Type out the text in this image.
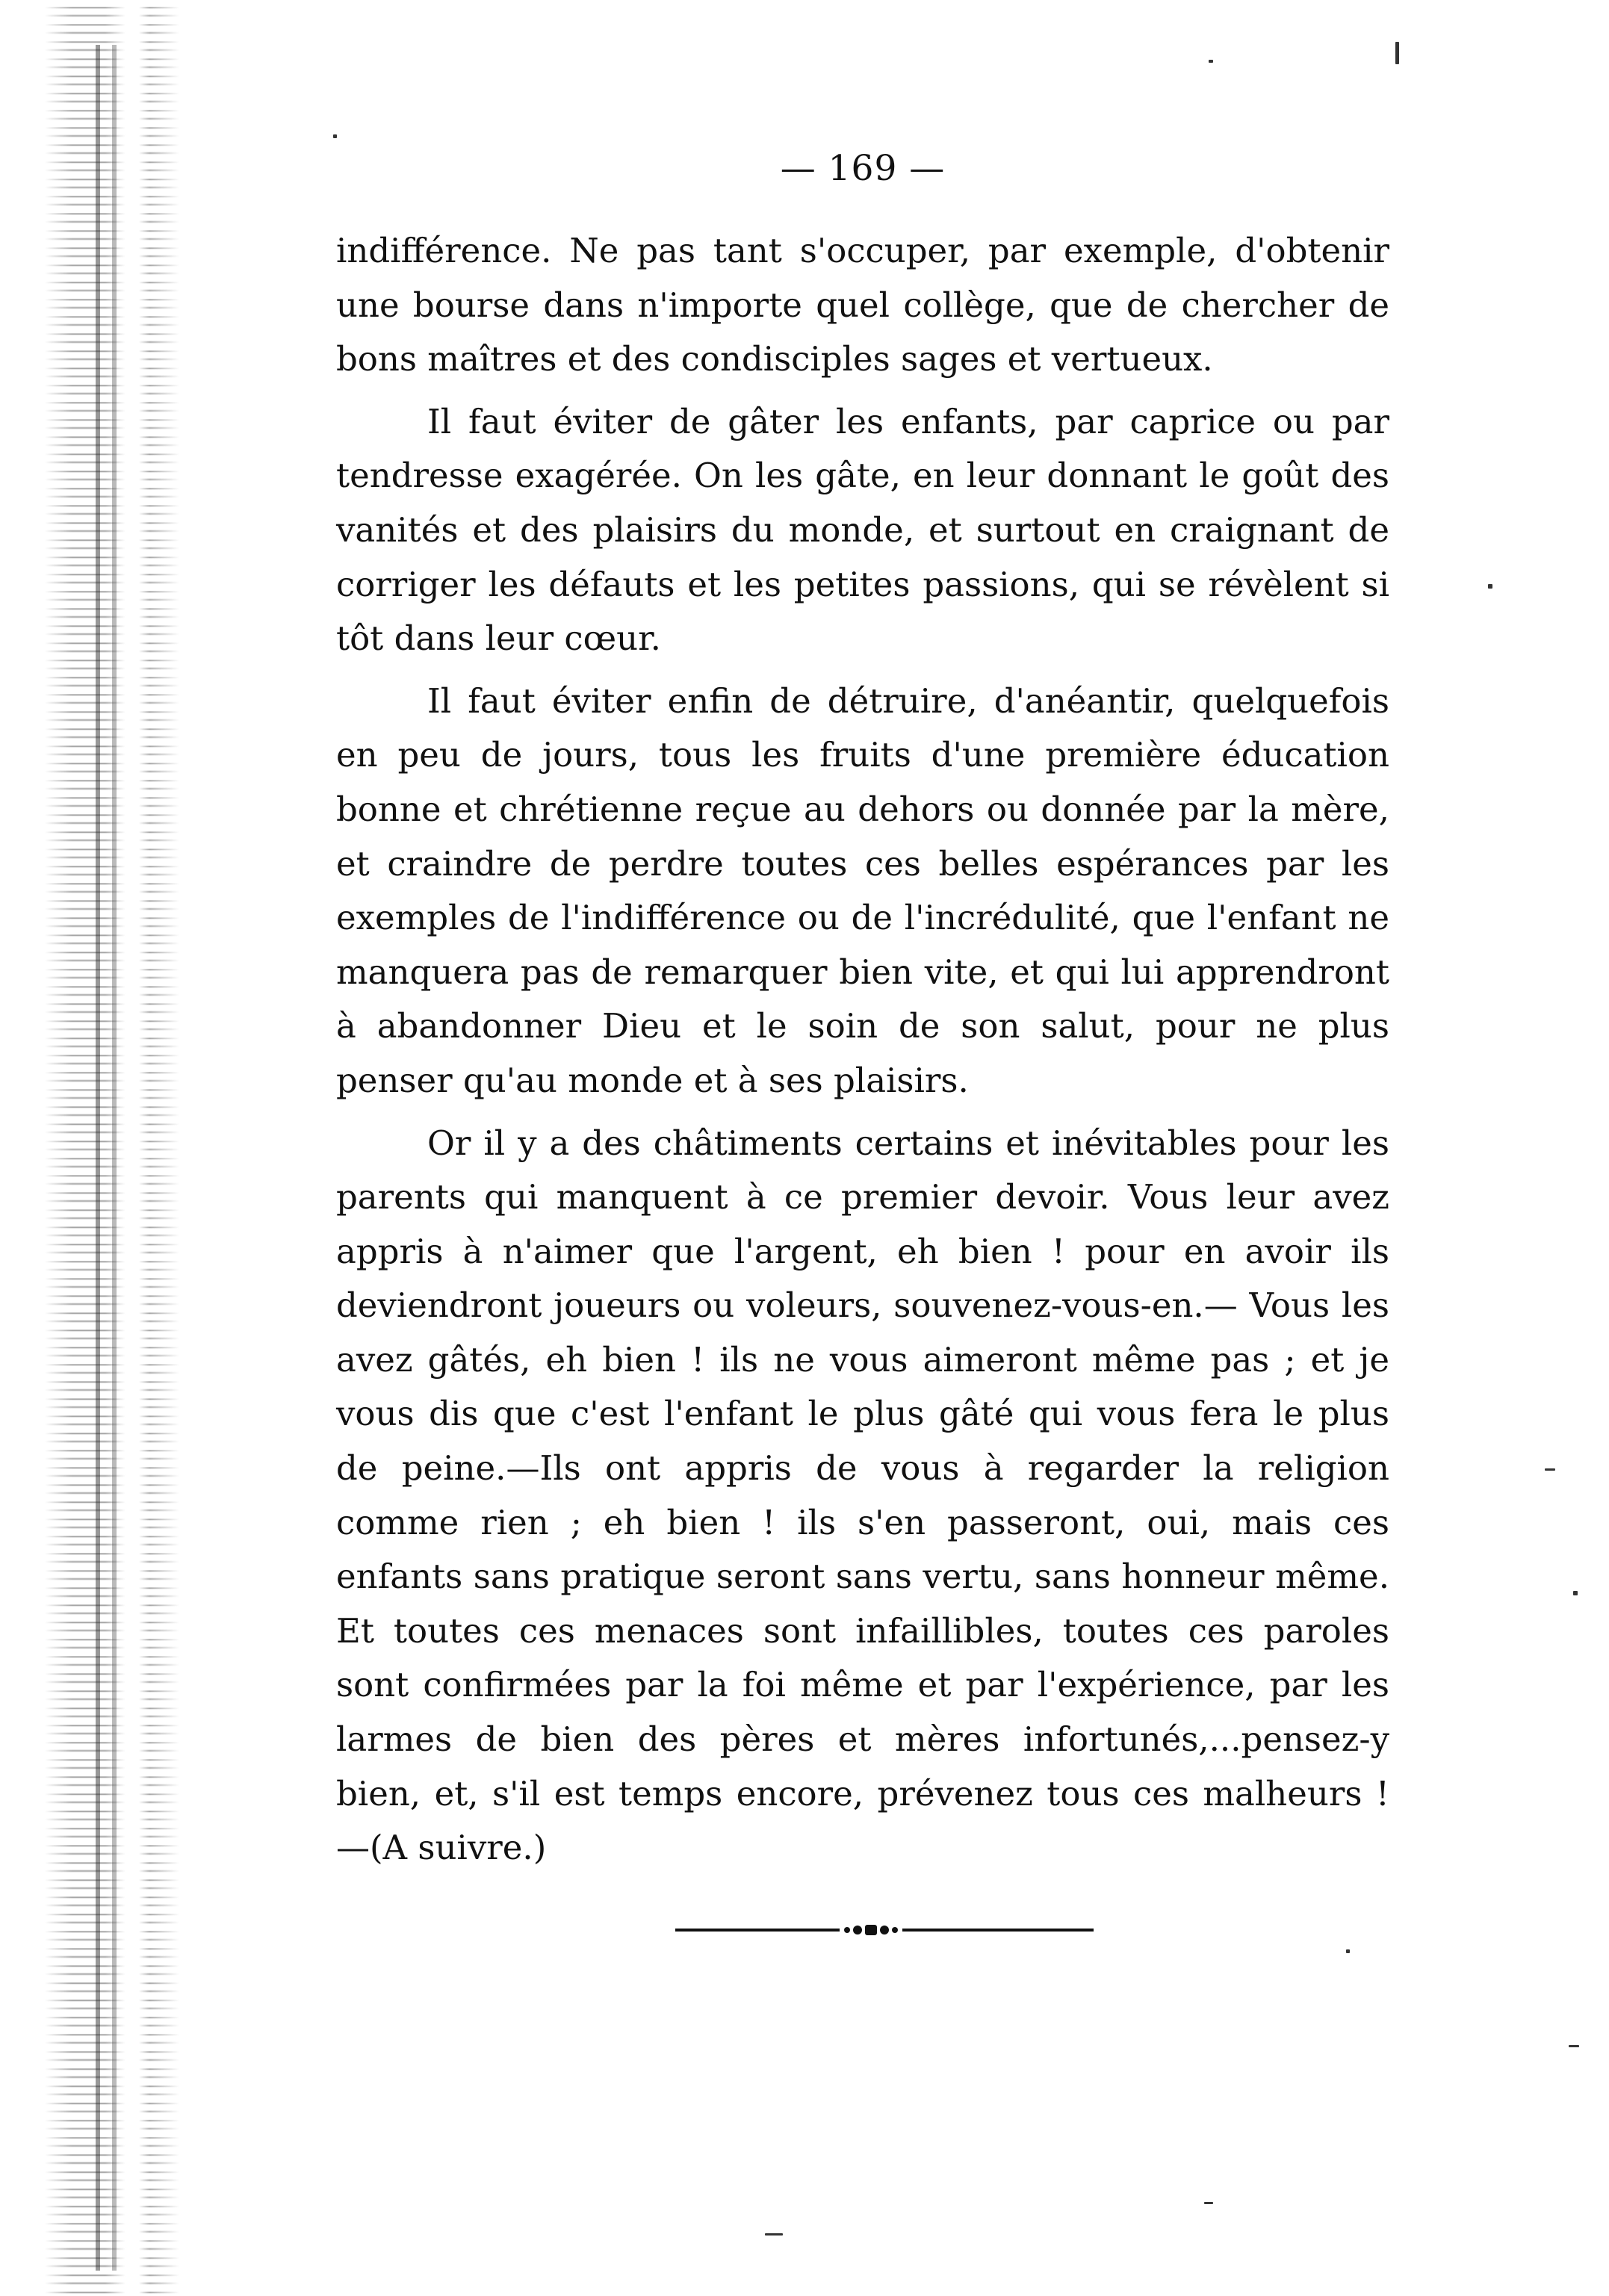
— 169 —

indifférence. Ne pas tant s'occuper, par exemple, d'obtenir une bourse dans n'importe quel collège, que de chercher de bons maîtres et des condisciples sages et vertueux.

Il faut éviter de gâter les enfants, par caprice ou par tendresse exagérée. On les gâte, en leur donnant le goût des vanités et des plaisirs du monde, et surtout en craignant de corriger les défauts et les petites passions, qui se révèlent si tôt dans leur cœur.

Il faut éviter enfin de détruire, d'anéantir, quelquefois en peu de jours, tous les fruits d'une première éducation bonne et chrétienne reçue au dehors ou donnée par la mère, et craindre de perdre toutes ces belles espérances par les exemples de l'indifférence ou de l'incrédulité, que l'enfant ne manquera pas de remarquer bien vite, et qui lui apprendront à abandonner Dieu et le soin de son salut, pour ne plus penser qu'au monde et à ses plaisirs.

Or il y a des châtiments certains et inévitables pour les parents qui manquent à ce premier devoir. Vous leur avez appris à n'aimer que l'argent, eh bien ! pour en avoir ils deviendront joueurs ou voleurs, souvenez-vous-en.— Vous les avez gâtés, eh bien ! ils ne vous aimeront même pas ; et je vous dis que c'est l'enfant le plus gâté qui vous fera le plus de peine.—Ils ont appris de vous à regarder la religion comme rien ; eh bien ! ils s'en passeront, oui, mais ces enfants sans pratique seront sans vertu, sans honneur même. Et toutes ces menaces sont infaillibles, toutes ces paroles sont confirmées par la foi même et par l'expérience, par les larmes de bien des pères et mères infortunés,...pensez-y bien, et, s'il est temps encore, prévenez tous ces malheurs !—(A suivre.)
